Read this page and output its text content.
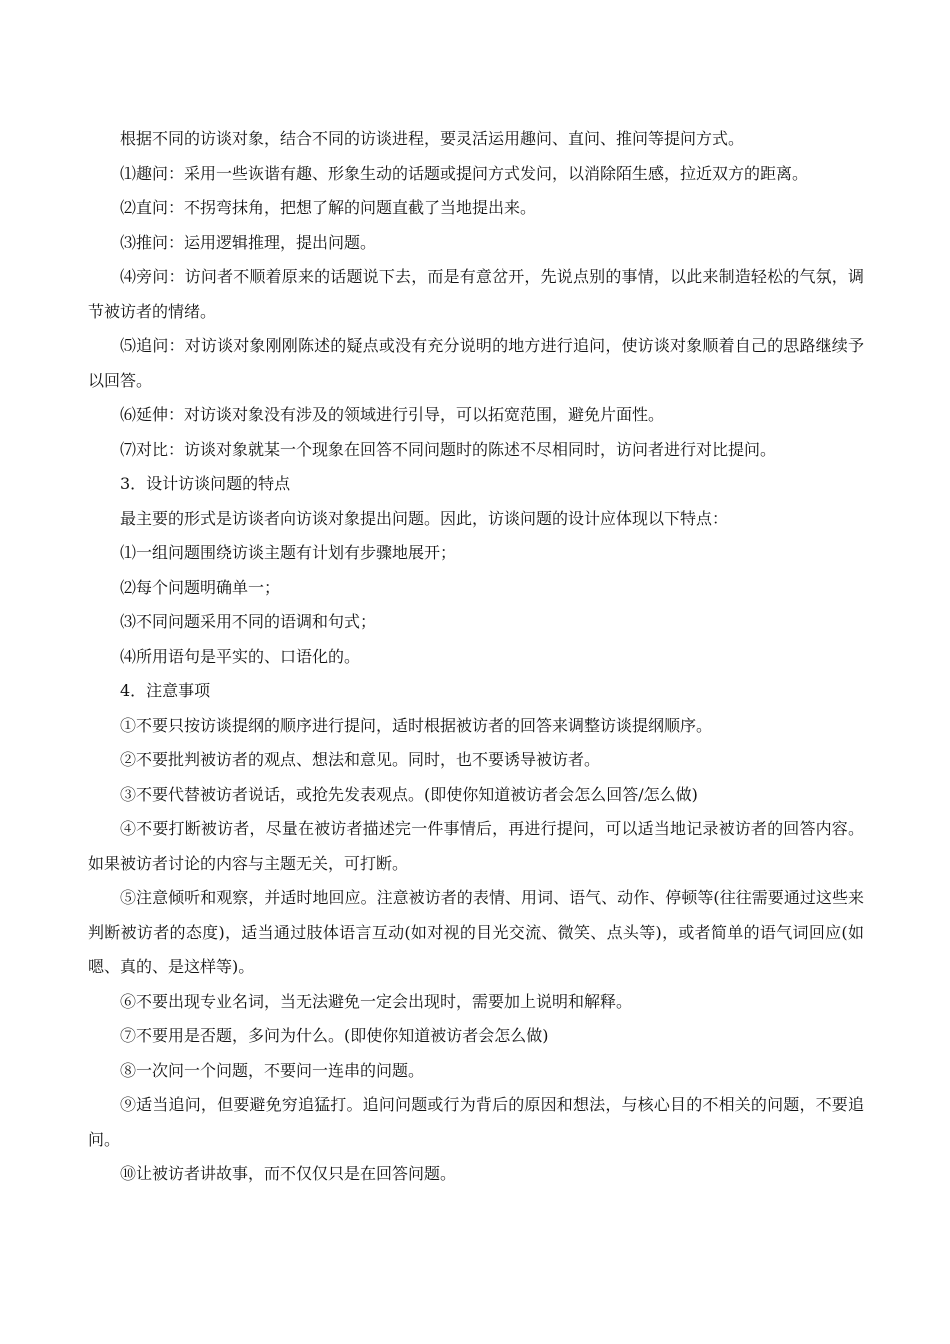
根据不同的访谈对象，结合不同的访谈进程，要灵活运用趣问、直问、推问等提问方式。

⑴趣问：采用一些诙谐有趣、形象生动的话题或提问方式发问，以消除陌生感，拉近双方的距离。

⑵直问：不拐弯抹角，把想了解的问题直截了当地提出来。

⑶推问：运用逻辑推理，提出问题。

⑷旁问：访问者不顺着原来的话题说下去，而是有意岔开，先说点别的事情，以此来制造轻松的气氛，调节被访者的情绪。

⑸追问：对访谈对象刚刚陈述的疑点或没有充分说明的地方进行追问，使访谈对象顺着自己的思路继续予以回答。

⑹延伸：对访谈对象没有涉及的领域进行引导，可以拓宽范围，避免片面性。

⑺对比：访谈对象就某一个现象在回答不同问题时的陈述不尽相同时，访问者进行对比提问。

3．设计访谈问题的特点

最主要的形式是访谈者向访谈对象提出问题。因此，访谈问题的设计应体现以下特点：

⑴一组问题围绕访谈主题有计划有步骤地展开；

⑵每个问题明确单一；

⑶不同问题采用不同的语调和句式；

⑷所用语句是平实的、口语化的。

4．注意事项

①不要只按访谈提纲的顺序进行提问，适时根据被访者的回答来调整访谈提纲顺序。

②不要批判被访者的观点、想法和意见。同时，也不要诱导被访者。

③不要代替被访者说话，或抢先发表观点。(即使你知道被访者会怎么回答/怎么做)

④不要打断被访者，尽量在被访者描述完一件事情后，再进行提问，可以适当地记录被访者的回答内容。如果被访者讨论的内容与主题无关，可打断。

⑤注意倾听和观察，并适时地回应。注意被访者的表情、用词、语气、动作、停顿等(往往需要通过这些来判断被访者的态度)，适当通过肢体语言互动(如对视的目光交流、微笑、点头等)，或者简单的语气词回应(如嗯、真的、是这样等)。

⑥不要出现专业名词，当无法避免一定会出现时，需要加上说明和解释。

⑦不要用是否题，多问为什么。(即使你知道被访者会怎么做)

⑧一次问一个问题，不要问一连串的问题。

⑨适当追问，但要避免穷追猛打。追问问题或行为背后的原因和想法，与核心目的不相关的问题，不要追问。

⑩让被访者讲故事，而不仅仅只是在回答问题。
